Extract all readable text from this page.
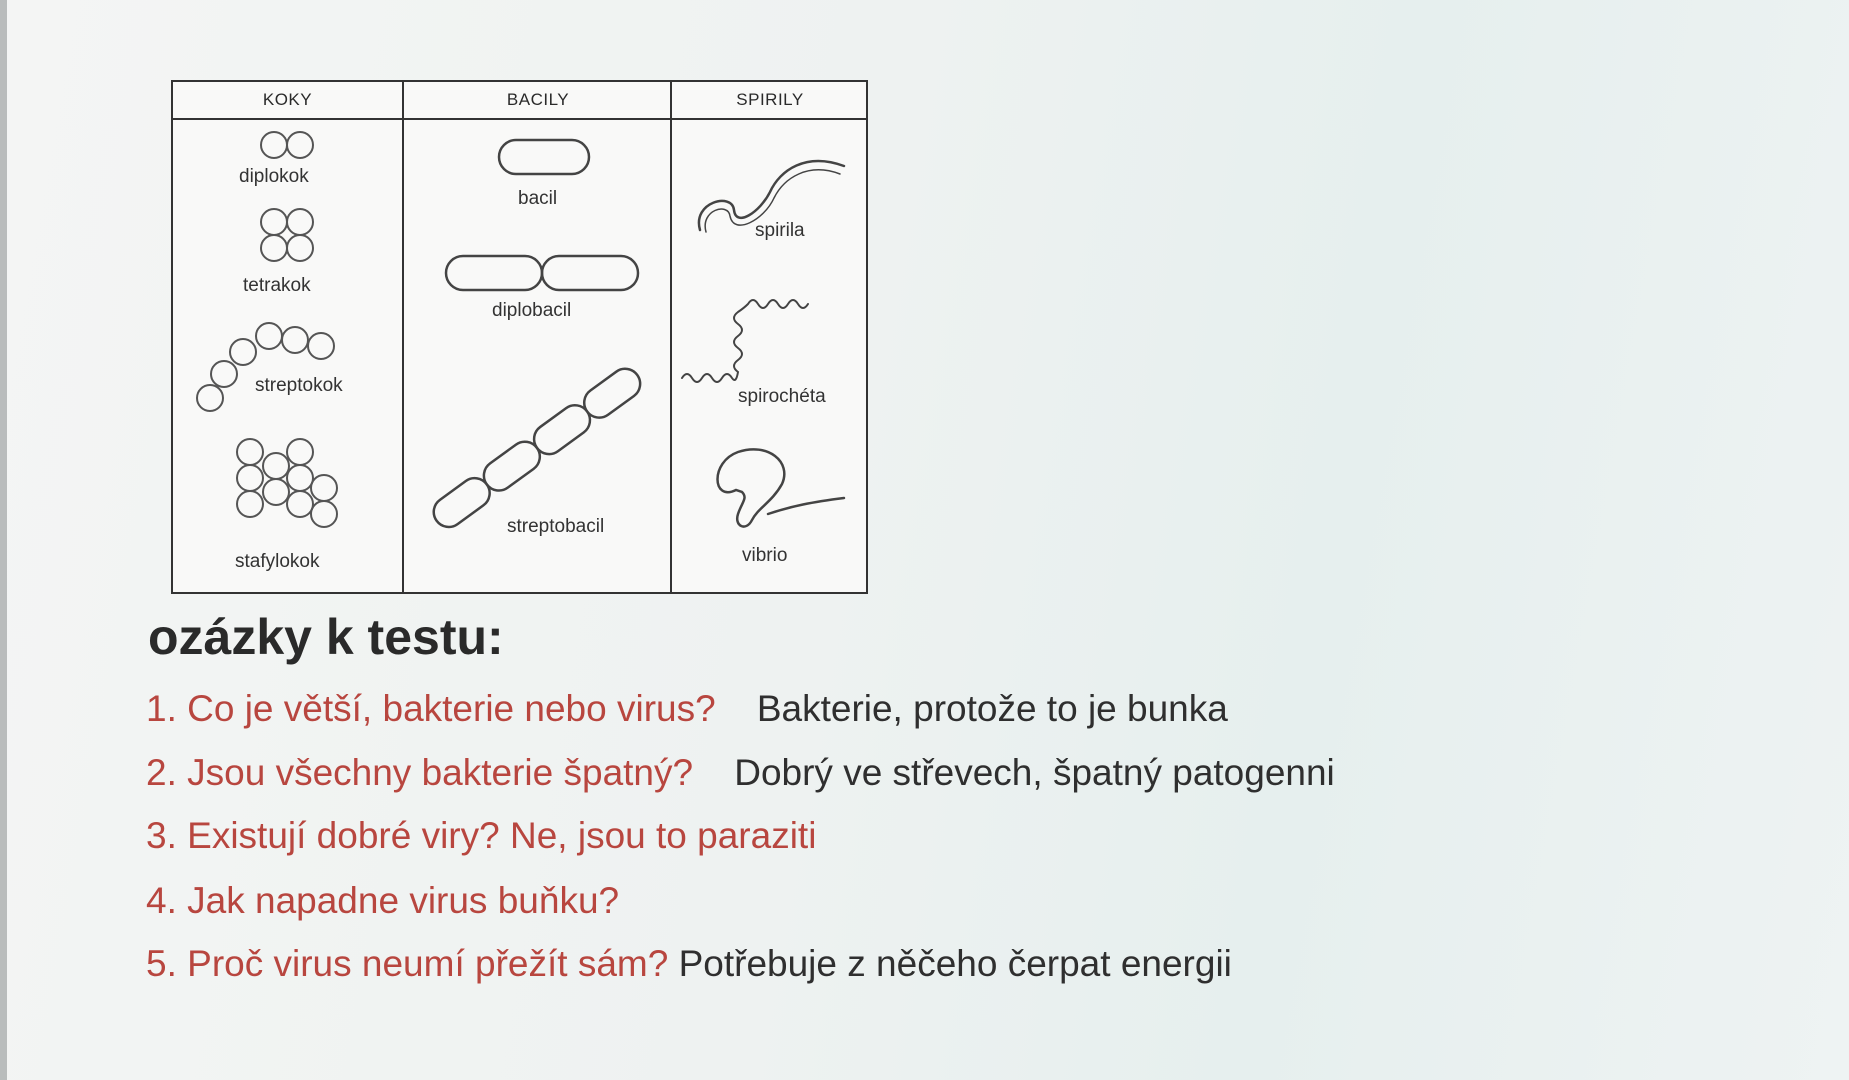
KOKY
diplokok
tetrakok
streptokok
stafylokok
BACILY
bacil
diplobacil
streptobacil
SPIRILY
spirila
spirochéta
vibrio
ozázky k testu:
1. Co je větší, bakterie nebo virus? Bakterie, protože to je bunka
2. Jsou všechny bakterie špatný? Dobrý ve střevech, špatný patogenni
3. Existují dobré viry? Ne, jsou to paraziti
4. Jak napadne virus buňku?
5. Proč virus neumí přežít sám? Potřebuje z něčeho čerpat energii
